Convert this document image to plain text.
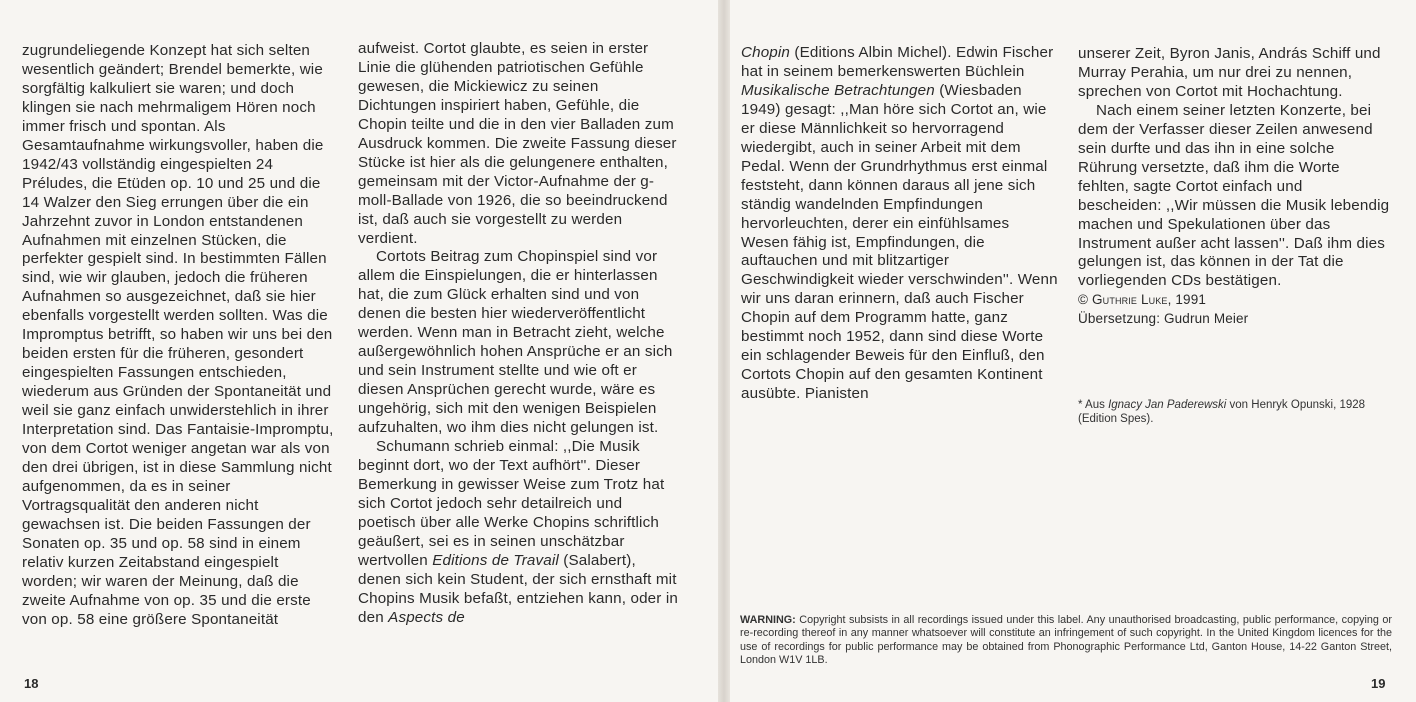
zugrundeliegende Konzept hat sich selten wesentlich geändert; Brendel bemerkte, wie sorgfältig kalkuliert sie waren; und doch klingen sie nach mehrmaligem Hören noch immer frisch und spontan. Als Gesamtaufnahme wirkungsvoller, haben die 1942/43 vollständig eingespielten 24 Préludes, die Etüden op. 10 und 25 und die 14 Walzer den Sieg errungen über die ein Jahrzehnt zuvor in London entstandenen Aufnahmen mit einzelnen Stücken, die perfekter gespielt sind. In bestimmten Fällen sind, wie wir glauben, jedoch die früheren Aufnahmen so ausgezeichnet, daß sie hier ebenfalls vorgestellt werden sollten. Was die Impromptus betrifft, so haben wir uns bei den beiden ersten für die früheren, gesondert eingespielten Fassungen entschieden, wiederum aus Gründen der Spontaneität und weil sie ganz einfach unwiderstehlich in ihrer Interpretation sind. Das Fantaisie-Impromptu, von dem Cortot weniger angetan war als von den drei übrigen, ist in diese Sammlung nicht aufgenommen, da es in seiner Vortragsqualität den anderen nicht gewachsen ist. Die beiden Fassungen der Sonaten op. 35 und op. 58 sind in einem relativ kurzen Zeitabstand eingespielt worden; wir waren der Meinung, daß die zweite Aufnahme von op. 35 und die erste von op. 58 eine größere Spontaneität

aufweist. Cortot glaubte, es seien in erster Linie die glühenden patriotischen Gefühle gewesen, die Mickiewicz zu seinen Dichtungen inspiriert haben, Gefühle, die Chopin teilte und die in den vier Balladen zum Ausdruck kommen. Die zweite Fassung dieser Stücke ist hier als die gelungenere enthalten, gemeinsam mit der Victor-Aufnahme der g-moll-Ballade von 1926, die so beeindruckend ist, daß auch sie vorgestellt zu werden verdient.

Cortots Beitrag zum Chopinspiel sind vor allem die Einspielungen, die er hinterlassen hat, die zum Glück erhalten sind und von denen die besten hier wiederveröffentlicht werden. Wenn man in Betracht zieht, welche außergewöhnlich hohen Ansprüche er an sich und sein Instrument stellte und wie oft er diesen Ansprüchen gerecht wurde, wäre es ungehörig, sich mit den wenigen Beispielen aufzuhalten, wo ihm dies nicht gelungen ist.

Schumann schrieb einmal: ,,Die Musik beginnt dort, wo der Text aufhört''. Dieser Bemerkung in gewisser Weise zum Trotz hat sich Cortot jedoch sehr detailreich und poetisch über alle Werke Chopins schriftlich geäußert, sei es in seinen unschätzbar wertvollen Editions de Travail (Salabert), denen sich kein Student, der sich ernsthaft mit Chopins Musik befaßt, entziehen kann, oder in den Aspects de

Chopin (Editions Albin Michel). Edwin Fischer hat in seinem bemerkenswerten Büchlein Musikalische Betrachtungen (Wiesbaden 1949) gesagt: ,,Man höre sich Cortot an, wie er diese Männlichkeit so hervorragend wiedergibt, auch in seiner Arbeit mit dem Pedal. Wenn der Grundrhythmus erst einmal feststeht, dann können daraus all jene sich ständig wandelnden Empfindungen hervorleuchten, derer ein einfühlsames Wesen fähig ist, Empfindungen, die auftauchen und mit blitzartiger Geschwindigkeit wieder verschwinden''. Wenn wir uns daran erinnern, daß auch Fischer Chopin auf dem Programm hatte, ganz bestimmt noch 1952, dann sind diese Worte ein schlagender Beweis für den Einfluß, den Cortots Chopin auf den gesamten Kontinent ausübte. Pianisten

unserer Zeit, Byron Janis, András Schiff und Murray Perahia, um nur drei zu nennen, sprechen von Cortot mit Hochachtung.

Nach einem seiner letzten Konzerte, bei dem der Verfasser dieser Zeilen anwesend sein durfte und das ihn in eine solche Rührung versetzte, daß ihm die Worte fehlten, sagte Cortot einfach und bescheiden: ,,Wir müssen die Musik lebendig machen und Spekulationen über das Instrument außer acht lassen''. Daß ihm dies gelungen ist, das können in der Tat die vorliegenden CDs bestätigen.

© Guthrie Luke, 1991

Übersetzung: Gudrun Meier

* Aus Ignacy Jan Paderewski von Henryk Opunski, 1928 (Edition Spes).
WARNING: Copyright subsists in all recordings issued under this label. Any unauthorised broadcasting, public performance, copying or re-recording thereof in any manner whatsoever will constitute an infringement of such copyright. In the United Kingdom licences for the use of recordings for public performance may be obtained from Phonographic Performance Ltd, Ganton House, 14-22 Ganton Street, London W1V 1LB.
18	19
